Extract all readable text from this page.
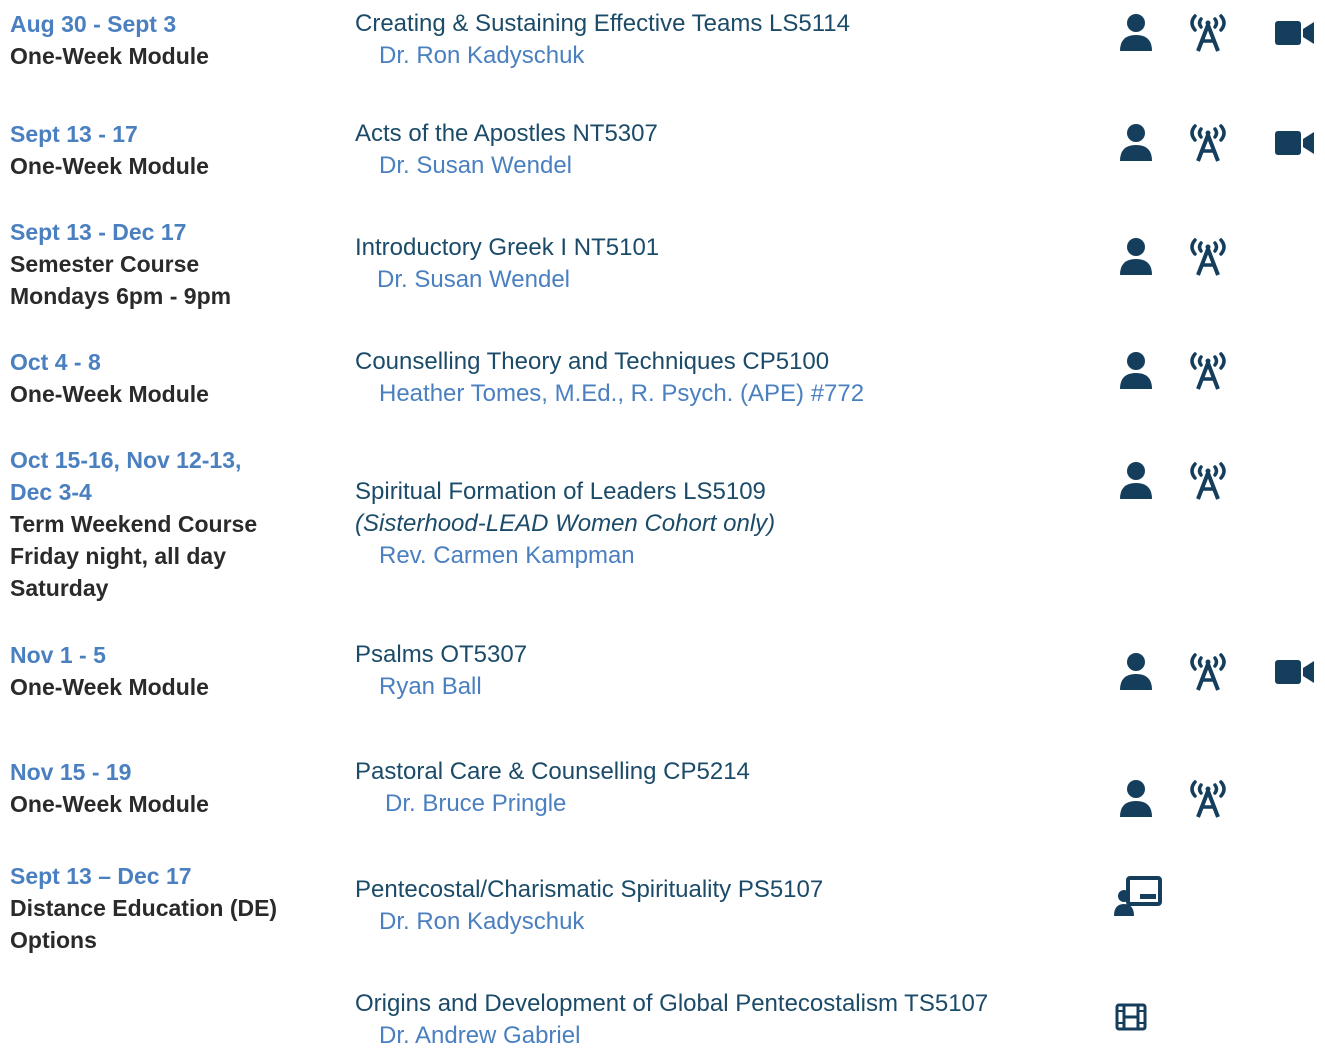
Aug 30 - Sept 3
One-Week Module
Creating & Sustaining Effective Teams LS5114
Dr. Ron Kadyschuk
Sept 13 - 17
One-Week Module
Acts of the Apostles NT5307
Dr. Susan Wendel
Sept 13 - Dec 17
Semester Course
Mondays 6pm - 9pm
Introductory Greek I NT5101
Dr. Susan Wendel
Oct 4 - 8
One-Week Module
Counselling Theory and Techniques CP5100
Heather Tomes, M.Ed., R. Psych. (APE) #772
Oct 15-16, Nov 12-13,
Dec 3-4
Term Weekend Course
Friday night, all day
Saturday
Spiritual Formation of Leaders LS5109
(Sisterhood-LEAD Women Cohort only)
Rev. Carmen Kampman
Nov 1 - 5
One-Week Module
Psalms OT5307
Ryan Ball
Nov 15 - 19
One-Week Module
Pastoral Care & Counselling CP5214
Dr. Bruce Pringle
Sept 13 – Dec 17
Distance Education (DE)
Options
Pentecostal/Charismatic Spirituality PS5107
Dr. Ron Kadyschuk
Origins and Development of Global Pentecostalism TS5107
Dr. Andrew Gabriel
